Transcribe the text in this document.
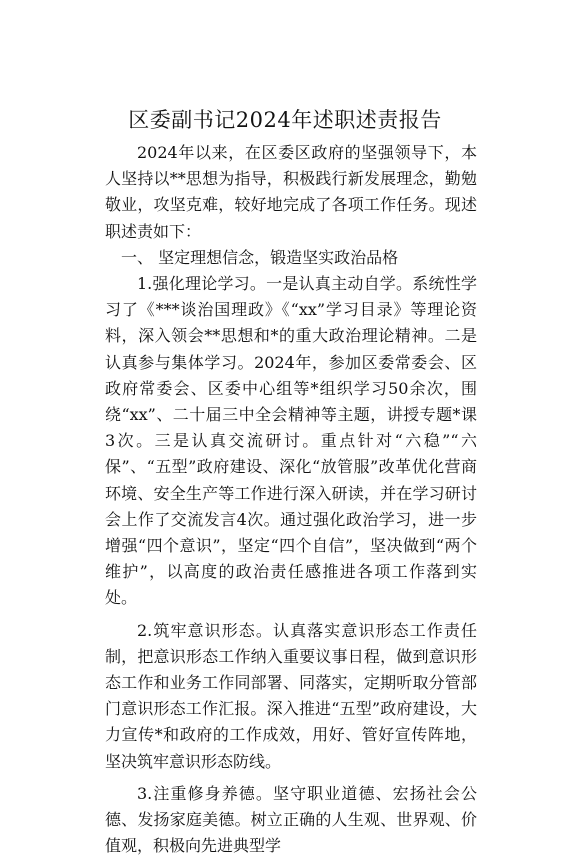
区委副书记2024年述职述责报告

2024年以来，在区委区政府的坚强领导下，本人坚持以**思想为指导，积极践行新发展理念，勤勉敬业，攻坚克难，较好地完成了各项工作任务。现述职述责如下：

一、 坚定理想信念，锻造坚实政治品格

1.强化理论学习。一是认真主动自学。系统性学习了《***谈治国理政》《“xx”学习目录》等理论资料，深入领会**思想和*的重大政治理论精神。二是认真参与集体学习。2024年，参加区委常委会、区政府常委会、区委中心组等*组织学习50余次，围绕“xx”、二十届三中全会精神等主题，讲授专题*课3次。三是认真交流研讨。重点针对“六稳”“六保”、“五型”政府建设、深化“放管服”改革优化营商环境、安全生产等工作进行深入研读，并在学习研讨会上作了交流发言4次。通过强化政治学习，进一步增强“四个意识”，坚定“四个自信”，坚决做到“两个维护”，以高度的政治责任感推进各项工作落到实处。

2.筑牢意识形态。认真落实意识形态工作责任制，把意识形态工作纳入重要议事日程，做到意识形态工作和业务工作同部署、同落实，定期听取分管部门意识形态工作汇报。深入推进“五型”政府建设，大力宣传*和政府的工作成效，用好、管好宣传阵地，坚决筑牢意识形态防线。

3.注重修身养德。坚守职业道德、宏扬社会公德、发扬家庭美德。树立正确的人生观、世界观、价值观，积极向先进典型学
